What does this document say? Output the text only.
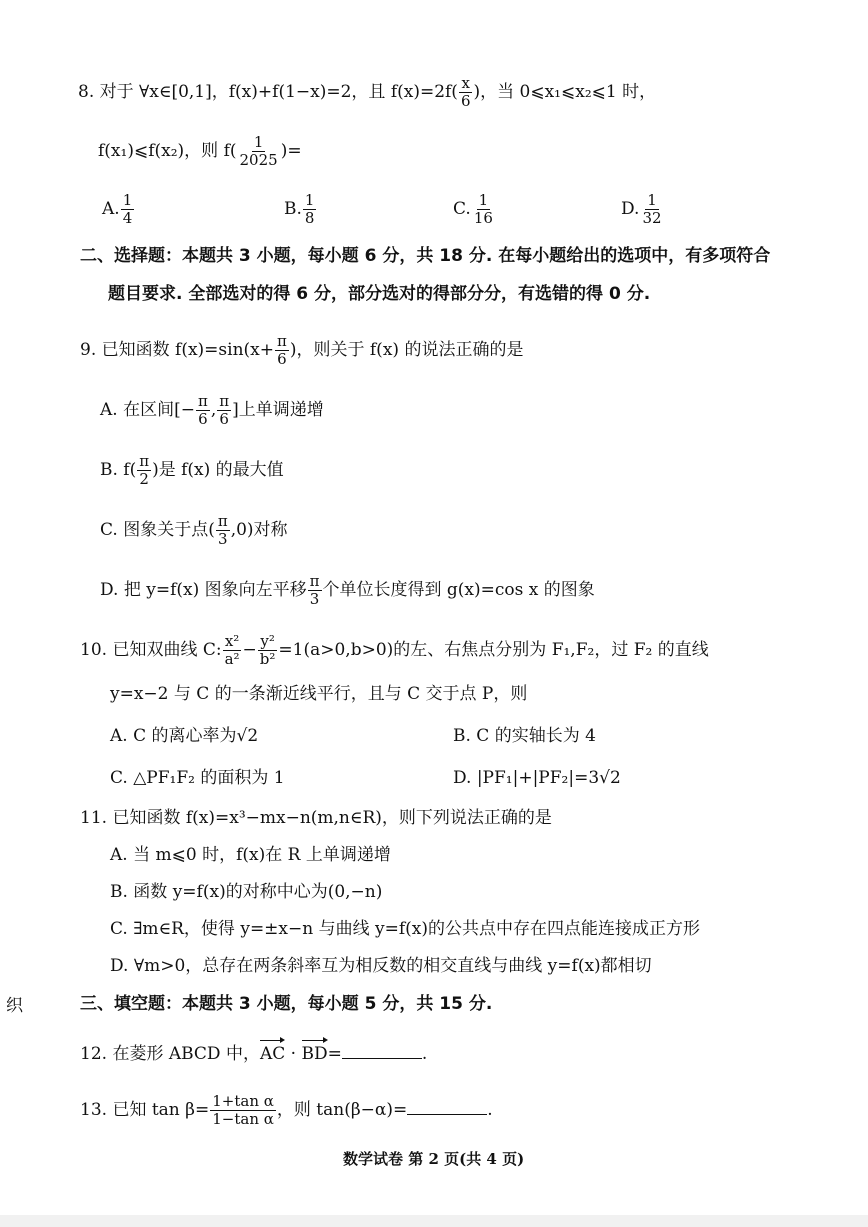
8. 对于 ∀x∈[0,1]，f(x)+f(1−x)=2，且 $f(x)=2f( \frac{x}{6}$ )，当 0⩽x₁⩽x₂⩽1 时，
f(x₁)⩽f(x₂)，则 $f( \frac{1}{2025}$ )=
A. $\frac{1}{4}$	B. $\frac{1}{8}$	C. $\frac{1}{16}$	D. $\frac{1}{32}$
二、选择题：本题共 3 小题，每小题 6 分，共 18 分. 在每小题给出的选项中，有多项符合
题目要求. 全部选对的得 6 分，部分选对的得部分分，有选错的得 0 分.
9. 已知函数 $f(x)=\sin(x+ \frac{\pi}{6}$ )，则关于 f(x) 的说法正确的是
A. 在区间[− $\frac{\pi}{6}$ , $\frac{\pi}{6}$ ]上单调递增
B. $f( \frac{\pi}{2}$ )是 f(x) 的最大值
C. 图象关于点( $\frac{\pi}{3} ,0$)对称
D. 把 y=f(x) 图象向左平移 $\frac{\pi}{3}$ 个单位长度得到 g(x)=cos x 的图象
10. 已知双曲线 C: $\frac{\text{x²}}{\text{a²}} - \frac{\text{y²}}{\text{b²}} =1(a>0,b>0)$的左、右焦点分别为 F₁,F₂，过 F₂ 的直线
y=x−2 与 C 的一条渐近线平行，且与 C 交于点 P，则
A. C 的离心率为√2	B. C 的实轴长为 4
C. △PF₁F₂ 的面积为 1	D. |PF₁|+|PF₂|=3√2
11. 已知函数 f(x)=x³−mx−n(m,n∈R)，则下列说法正确的是
A. 当 m⩽0 时，f(x)在 R 上单调递增
B. 函数 y=f(x)的对称中心为(0,−n)
C. ∃m∈R，使得 y=±x−n 与曲线 y=f(x)的公共点中存在四点能连接成正方形
D. ∀m>0，总存在两条斜率互为相反数的相交直线与曲线 y=f(x)都相切
织	三、填空题：本题共 3 小题，每小题 5 分，共 15 分.
12. 在菱形 ABCD 中，AC · BD=	.
13. 已知 $\tan \beta= \frac{\text{1+tan α}}{\text{1−tan α}}$ ，则 tan(β−α)=	.
数学试卷 第 2 页(共 4 页)
